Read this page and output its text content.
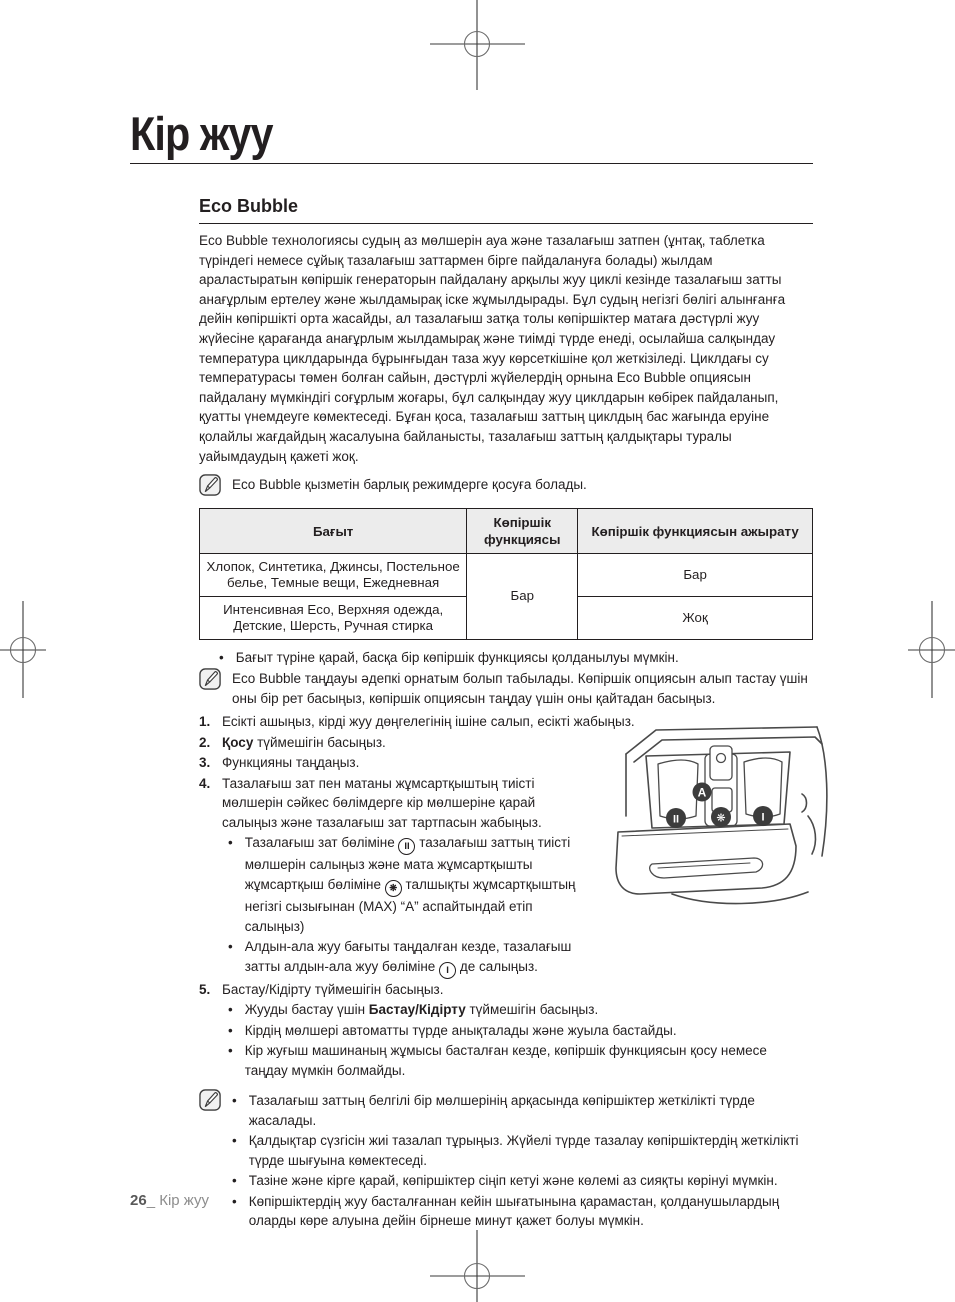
Кір жуу
Eco Bubble

Eco Bubble технологиясы судың аз мөлшерін ауа және тазалағыш затпен (ұнтақ, таблетка түріндегі немесе сұйық тазалағыш заттармен бірге пайдалануға болады) жылдам араластыратын көпіршік генераторын пайдалану арқылы жуу циклі кезінде тазалағыш затты анағұрлым ертелеу және жылдамырақ іске жұмылдырады. Бұл судың негізгі бөлігі алынғанға дейін көпіршікті орта жасайды, ал тазалағыш затқа толы көпіршіктер матаға дәстүрлі жуу жүйесіне қарағанда анағұрлым жылдамырақ және тиімді түрде енеді, осылайша салқындау температура циклдарында бұрынғыдан таза жуу көрсеткішіне қол жеткізіледі. Циклдағы су температурасы төмен болған сайын, дәстүрлі жүйелердің орнына Eco Bubble опциясын пайдалану мүмкіндігі соғұрлым жоғары, бұл салқындау жуу циклдарын көбірек пайдаланып, қуатты үнемдеуге көмектеседі. Бұған қоса, тазалағыш заттың циклдың бас жағында еруіне қолайлы жағдайдың жасалуына байланысты, тазалағыш заттың қалдықтары туралы уайымдаудың қажеті жоқ.

Eco Bubble қызметін барлық режимдерге қосуға болады.
Бағыт	Көпіршік функциясы	Көпіршік функциясын ажырату
Хлопок, Синтетика, Джинсы, Постельное белье, Темные вещи, Ежедневная	Бар	Бар
Интенсивная Eco, Верхняя одежда, Детские, Шерсть, Ручная стирка		Жоқ
• Бағыт түріне қарай, басқа бір көпіршік функциясы қолданылуы мүмкін.
Eco Bubble таңдауы әдепкі орнатым болып табылады. Көпіршік опциясын алып тастау үшін оны бір рет басыңыз, көпіршік опциясын таңдау үшін оны қайтадан басыңыз.
1. Есікті ашыңыз, кірді жуу дөңгелегінің ішіне салып, есікті жабыңыз.
2. Қосу түймешігін басыңыз.
3. Функцияны таңдаңыз.
4. Тазалағыш зат пен матаны жұмсартқыштың тиісті мөлшерін сәйкес бөлімдерге кір мөлшеріне қарай салыңыз және тазалағыш зат тартпасын жабыңыз.
• Тазалағыш зат бөліміне II тазалағыш заттың тиісті мөлшерін салыңыз және мата жұмсартқышты жұмсартқыш бөліміне ❋ талшықты жұмсартқыштың негізгі сызығынан (MAX) “A” аспайтындай етіп салыңыз)
• Алдын-ала жуу бағыты таңдалған кезде, тазалағыш затты алдын-ала жуу бөліміне I де салыңыз.
5. Бастау/Кідірту түймешігін басыңыз.
• Жууды бастау үшін Бастау/Кідірту түймешігін басыңыз.
• Кірдің мөлшері автоматты түрде анықталады және жуыла бастайды.
• Кір жуғыш машинаның жұмысы басталған кезде, көпіршік функциясын қосу немесе таңдау мүмкін болмайды.
• Тазалағыш заттың белгілі бір мөлшерінің арқасында көпіршіктер жеткілікті түрде жасалады.
• Қалдықтар сүзгісін жиі тазалап тұрыңыз. Жүйелі түрде тазалау көпіршіктердің жеткілікті түрде шығуына көмектеседі.
• Тазіне және кірге қарай, көпіршіктер сіңіп кетуі және көлемі аз сияқты көрінуі мүмкін.
• Көпіршіктердің жуу басталғаннан кейін шығатынына қарамастан, қолданушылардың оларды көре алуына дейін бірнеше минут қажет болуы мүмкін.
A
II	❋	I
26_ Кір жуу
